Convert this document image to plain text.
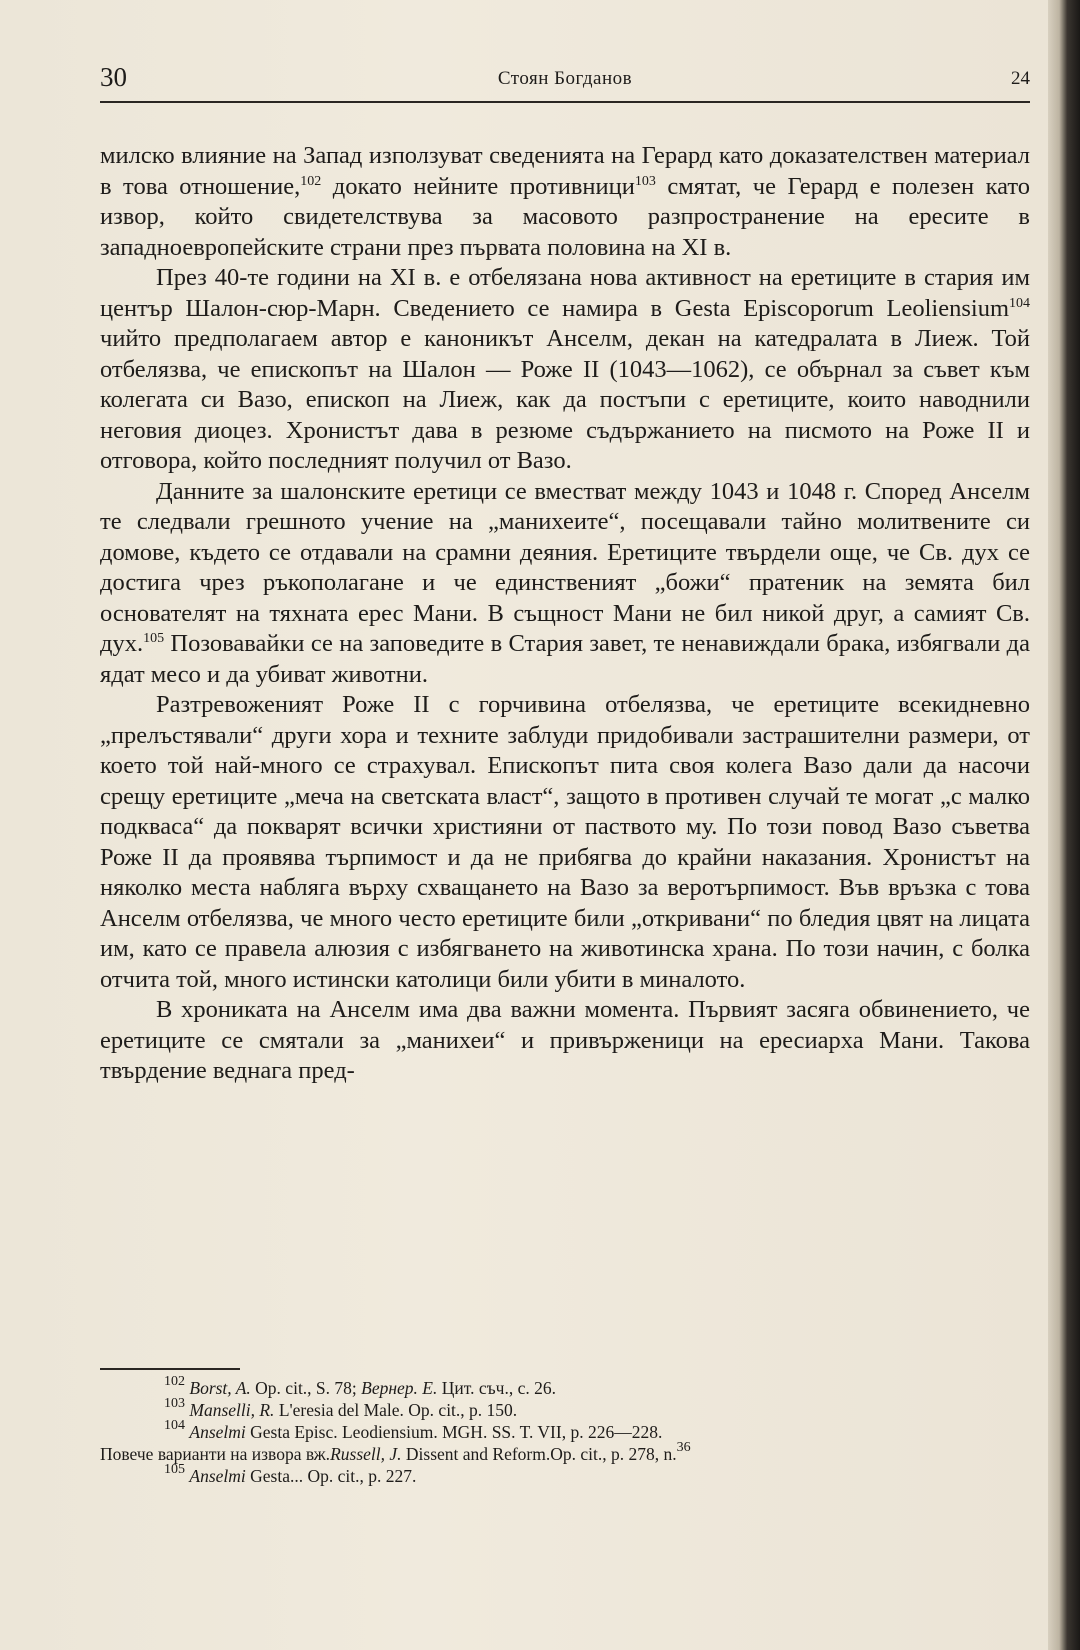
30	Стоян Богданов	24

милско влияние на Запад използуват сведенията на Герард като доказателствен материал в това отношение,$^{102}$ докато нейните противници$^{103}$ смятат, че Герард е полезен като извор, който свидетелствува за масовото разпространение на ересите в западноевропейските страни през първата половина на XI в.

През 40-те години на XI в. е отбелязана нова активност на еретиците в стария им център Шалон-сюр-Марн. Сведението се намира в Gesta Episcoporum Leoliensium$^{104}$ чийто предполагаем автор е каноникът Анселм, декан на катедралата в Лиеж. Той отбелязва, че епископът на Шалон — Роже II (1043—1062), се обърнал за съвет към колегата си Вазо, епископ на Лиеж, как да постъпи с еретиците, които наводнили неговия диоцез. Хронистът дава в резюме съдържанието на писмото на Роже II и отговора, който последният получил от Вазо.

Данните за шалонските еретици се вместват между 1043 и 1048 г. Според Анселм те следвали грешното учение на „манихеите“, посещавали тайно молитвените си домове, където се отдавали на срамни деяния. Еретиците твърдели още, че Св. дух се достига чрез ръкополагане и че единственият „божи“ пратеник на земята бил основателят на тяхната ерес Мани. В същност Мани не бил никой друг, а самият Св. дух.$^{105}$ Позовавайки се на заповедите в Стария завет, те ненавиждали брака, избягвали да ядат месо и да убиват животни.

Разтревоженият Роже II с горчивина отбелязва, че еретиците всекидневно „прелъстявали“ други хора и техните заблуди придобивали застрашителни размери, от което той най-много се страхувал. Епископът пита своя колега Вазо дали да насочи срещу еретиците „меча на светската власт“, защото в противен случай те могат „с малко подкваса“ да покварят всички християни от паството му. По този повод Вазо съветва Роже II да проявява търпимост и да не прибягва до крайни наказания. Хронистът на няколко места набляга върху схващането на Вазо за веротърпимост. Във връзка с това Анселм отбелязва, че много често еретиците били „откривани“ по бледия цвят на лицата им, като се правела алюзия с избягването на животинска храна. По този начин, с болка отчита той, много истински католици били убити в миналото.

В хрониката на Анселм има два важни момента. Първият засяга обвинението, че еретиците се смятали за „манихеи“ и привърженици на ересиарха Мани. Такова твърдение веднага пред-

$^{102}$ Borst, A. Op. cit., S. 78; Вернер. Е. Цит. съч., с. 26.

$^{103}$ Manselli, R. L'eresia del Male. Op. cit., p. 150.

$^{104}$ Anselmi Gesta Episc. Leodiensium. MGH. SS. T. VII, p. 226—228.

Повече варианти на извора вж.Russell, J. Dissent and Reform.Op. cit., p. 278, n.$^{36}$

$^{105}$ Anselmi Gesta... Op. cit., p. 227.
